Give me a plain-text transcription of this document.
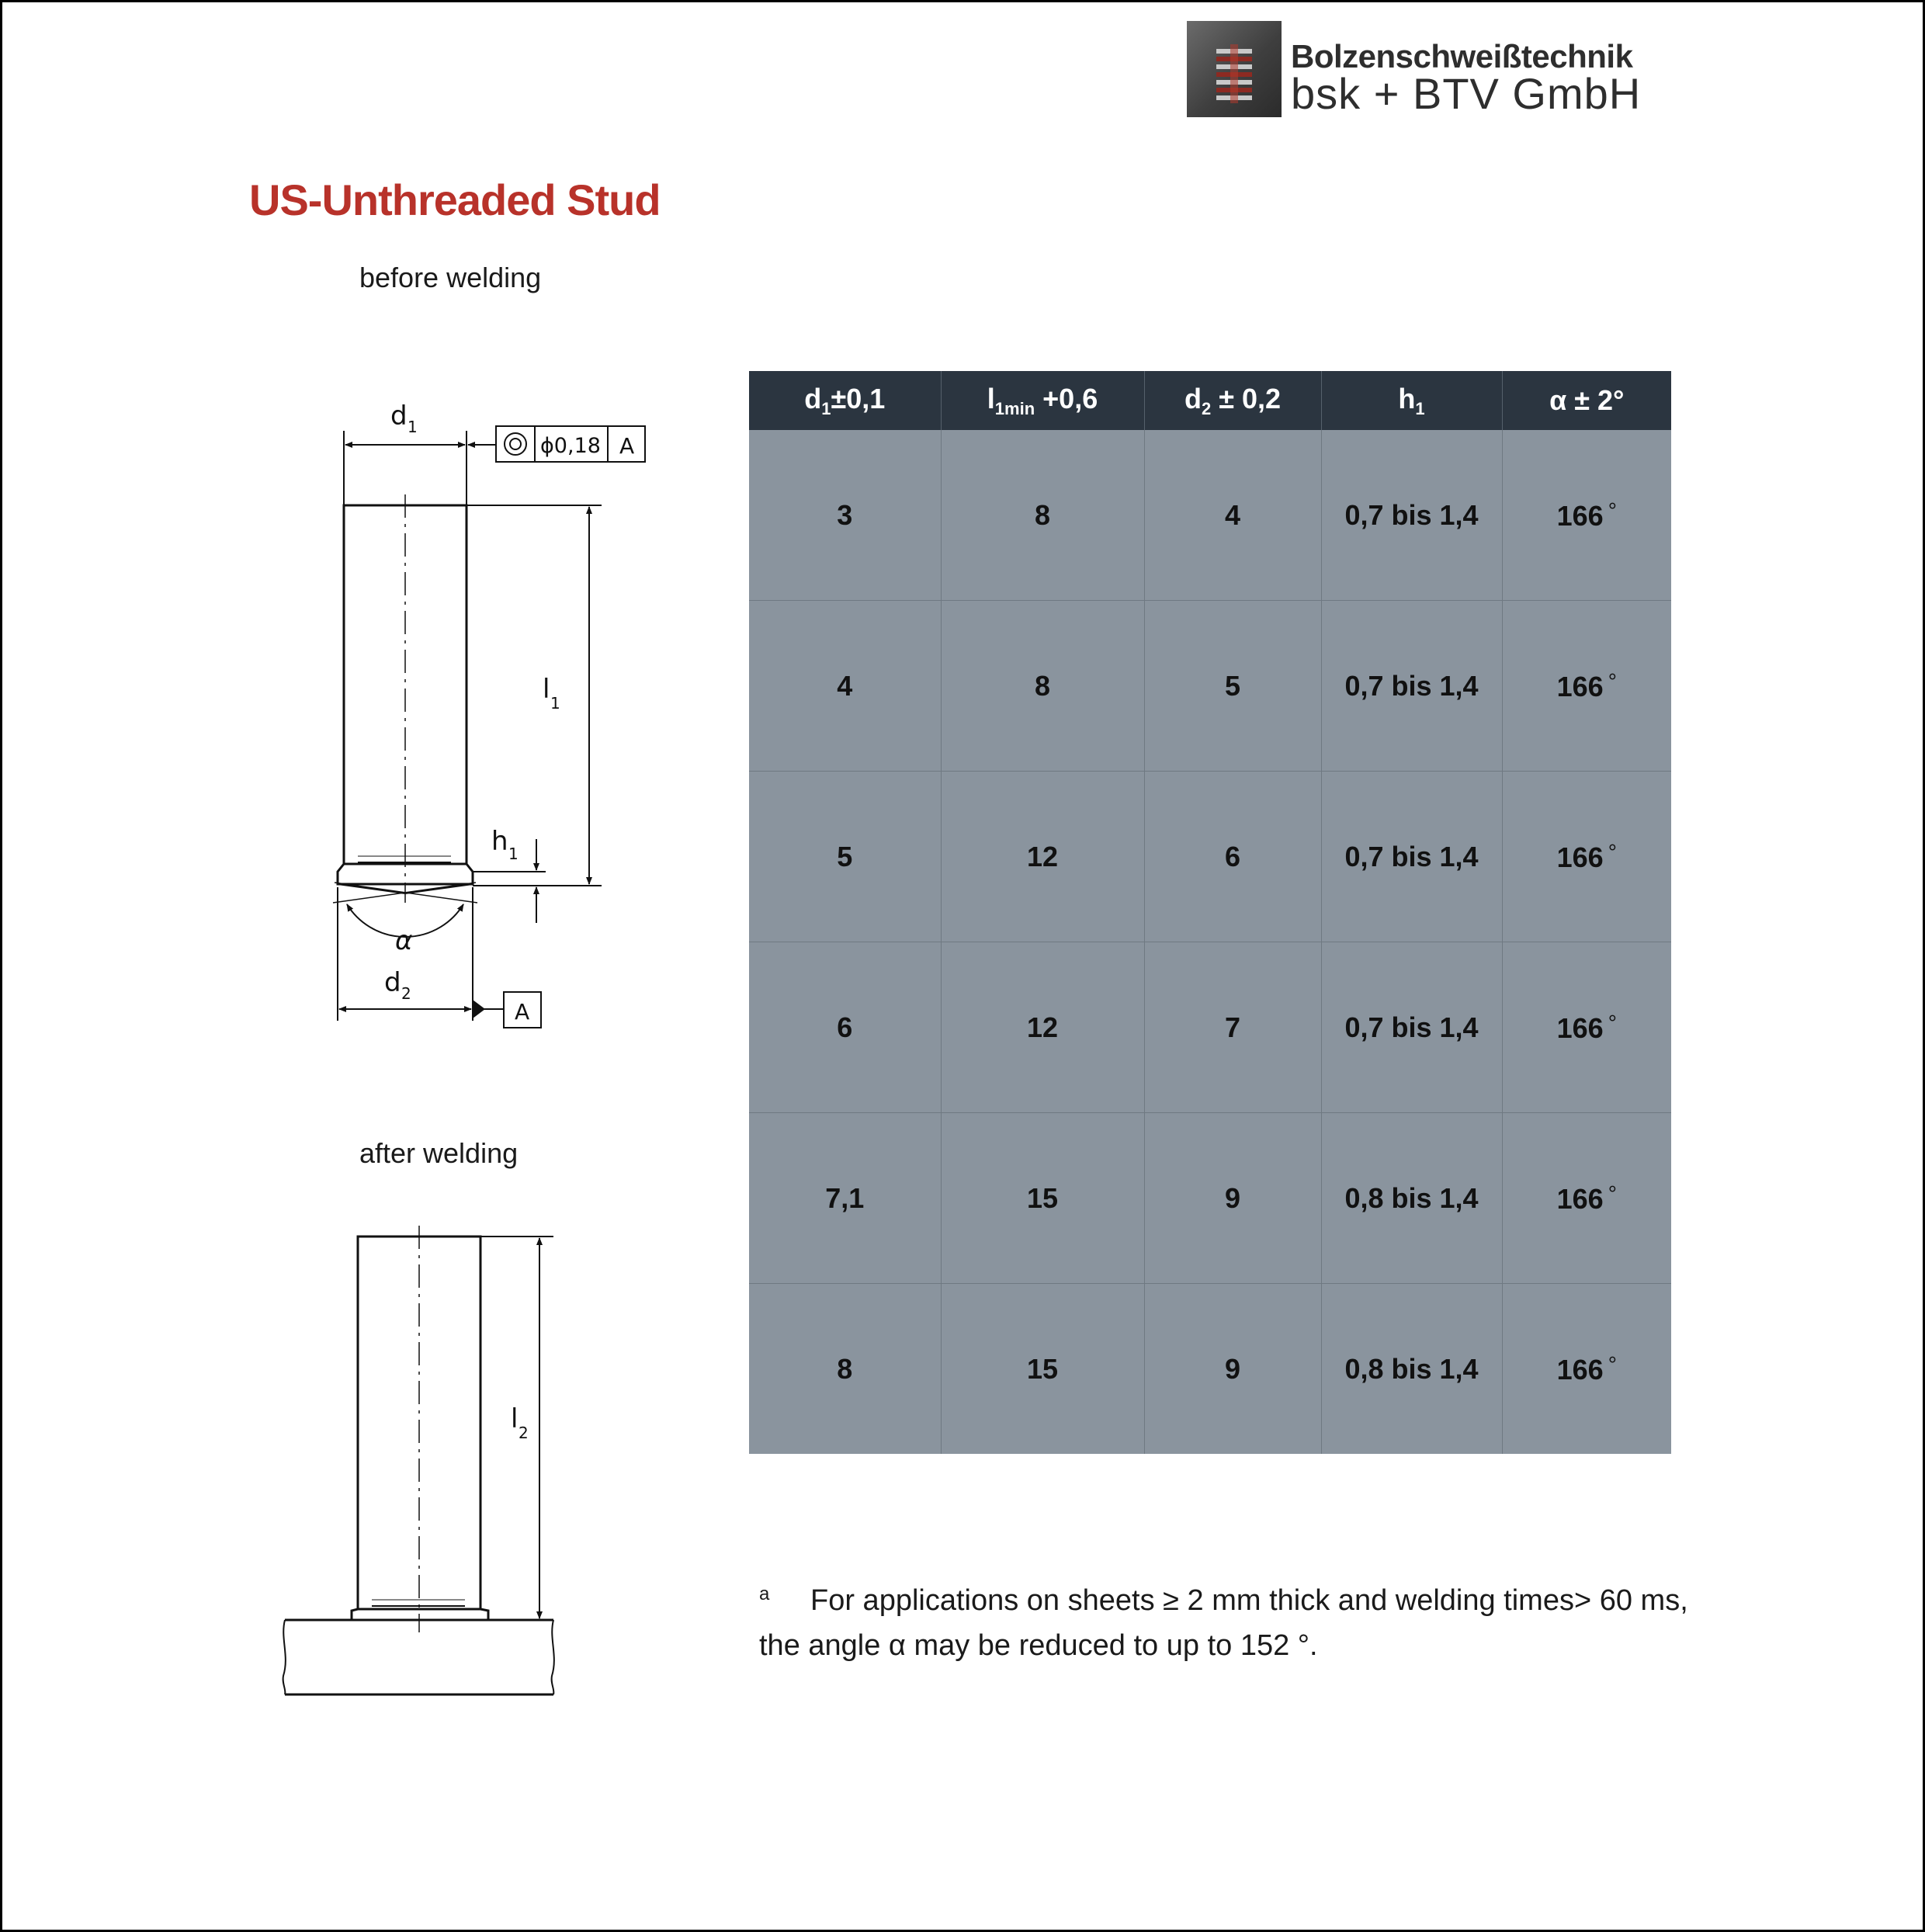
Bolzenschweißtechnik
bsk + BTV GmbH
US-Unthreaded Stud
before welding
after welding
d 1
ϕ0,18 A
α
l 1
h 1
d 2
A
l 2
$d_1\pm 0,1$	$l_{1min} +0,6$	$d_2 \pm 0,2$	$h_1$	α ± 2°
3	8	4	0,7 bis 1,4	166 °
4	8	5	0,7 bis 1,4	166 °
5	12	6	0,7 bis 1,4	166 °
6	12	7	0,7 bis 1,4	166 °
7,1	15	9	0,8 bis 1,4	166 °
8	15	9	0,8 bis 1,4	166 °
a For applications on sheets ≥ 2 mm thick and welding times> 60 ms,
the angle α may be reduced to up to 152 °.
